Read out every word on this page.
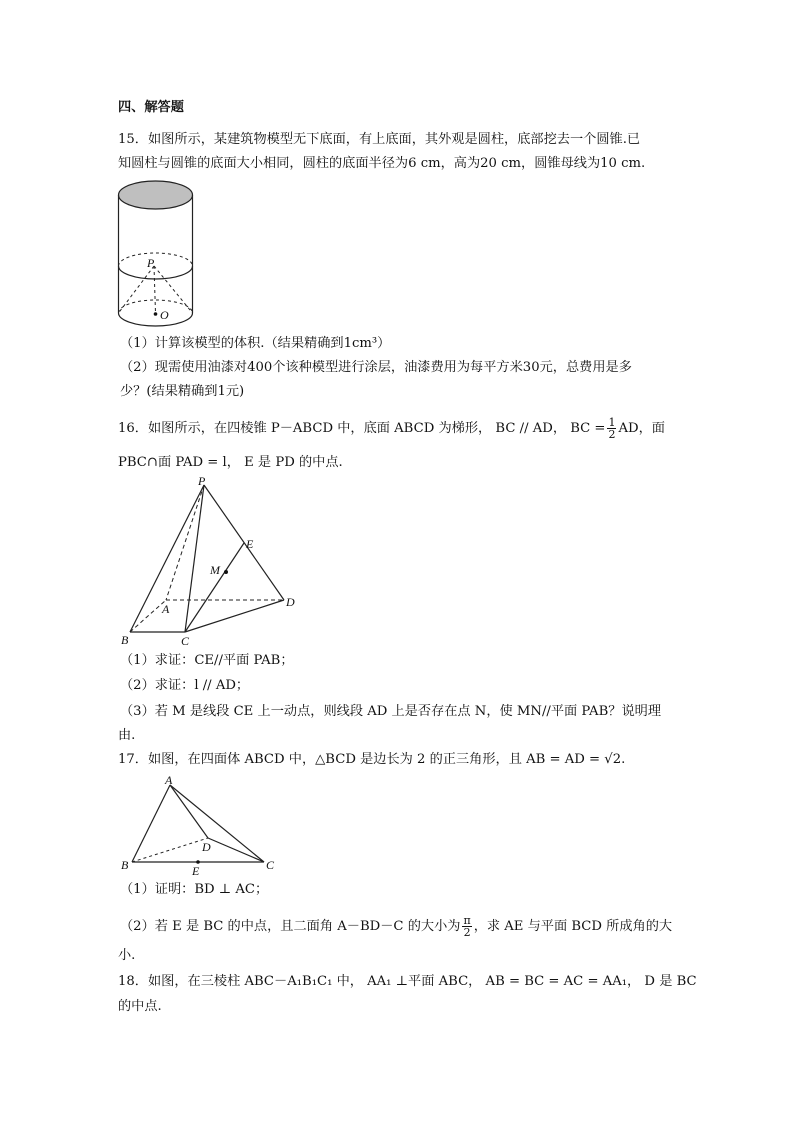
四、解答题
15．如图所示，某建筑物模型无下底面，有上底面，其外观是圆柱，底部挖去一个圆锥.已
知圆柱与圆锥的底面大小相同，圆柱的底面半径为6 cm，高为20 cm，圆锥母线为10 cm.
P
O
（1）计算该模型的体积.（结果精确到1cm³）
（2）现需使用油漆对400个该种模型进行涂层，油漆费用为每平方米30元，总费用是多
少？(结果精确到1元)
16．如图所示，在四棱锥 P－ABCD 中，底面 ABCD 为梯形， BC // AD， BC = $\frac{1}{2}$ AD，面
PBC∩面 PAD = l， E 是 PD 的中点.
P
E
M
A	D
B	C
（1）求证：CE//平面 PAB；
（2）求证：l // AD；
（3）若 M 是线段 CE 上一动点，则线段 AD 上是否存在点 N，使 MN//平面 PAB？说明理
由.
17．如图，在四面体 ABCD 中，△BCD 是边长为 2 的正三角形，且 AB = AD = √2.
A
D
B	E	C
（1）证明：BD ⊥ AC；
（2）若 E 是 BC 的中点，且二面角 A－BD－C 的大小为 $\frac{\pi}{2}$ ，求 AE 与平面 BCD 所成角的大
小.
18．如图，在三棱柱 ABC－A₁B₁C₁ 中， AA₁ ⊥平面 ABC， AB = BC = AC = AA₁， D 是 BC
的中点.
